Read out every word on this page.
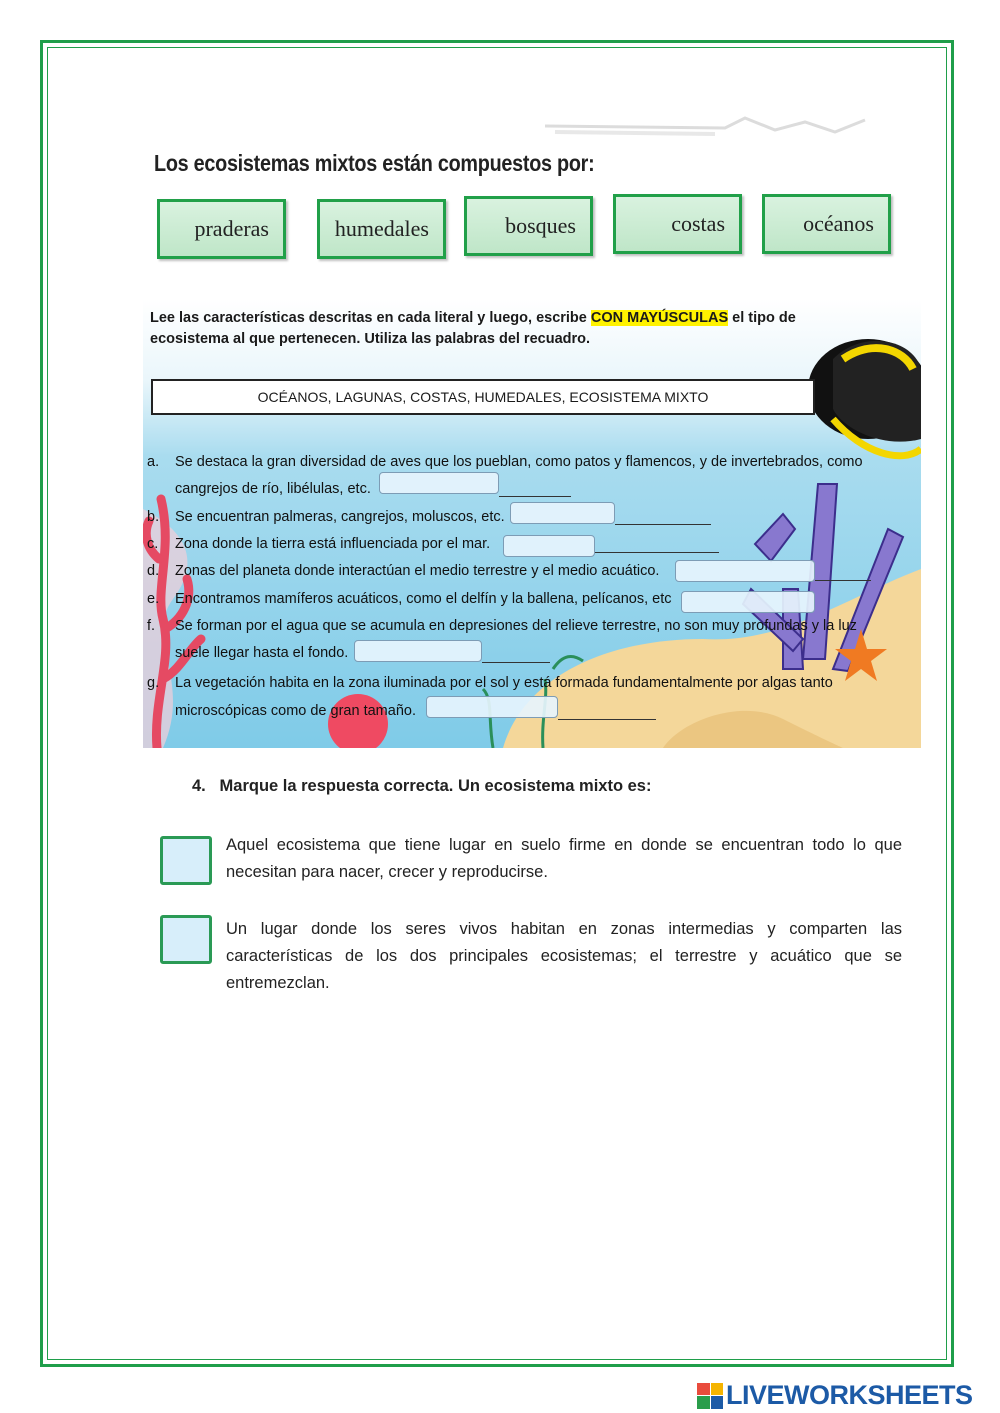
Los ecosistemas mixtos están compuestos por:
praderas	humedales	bosques	costas	océanos
Lee las características descritas en cada literal y luego, escribe CON MAYÚSCULAS el tipo de ecosistema al que pertenecen. Utiliza las palabras del recuadro.
OCÉANOS, LAGUNAS, COSTAS, HUMEDALES, ECOSISTEMA MIXTO
a. Se destaca la gran diversidad de aves que los pueblan, como patos y flamencos, y de invertebrados, como
cangrejos de río, libélulas, etc.
b. Se encuentran palmeras, cangrejos, moluscos, etc.
c. Zona donde la tierra está influenciada por el mar.
d. Zonas del planeta donde interactúan el medio terrestre y el medio acuático.
e. Encontramos mamíferos acuáticos, como el delfín y la ballena, pelícanos, etc
f. Se forman por el agua que se acumula en depresiones del relieve terrestre, no son muy profundas y la luz
suele llegar hasta el fondo.
g. La vegetación habita en la zona iluminada por el sol y está formada fundamentalmente por algas tanto
microscópicas como de gran tamaño.
4. Marque la respuesta correcta. Un ecosistema mixto es:
Aquel ecosistema que tiene lugar en suelo firme en donde se encuentran todo lo que necesitan para nacer, crecer y reproducirse.
Un lugar donde los seres vivos habitan en zonas intermedias y comparten las características de los dos principales ecosistemas; el terrestre y acuático que se entremezclan.
LIVEWORKSHEETS
